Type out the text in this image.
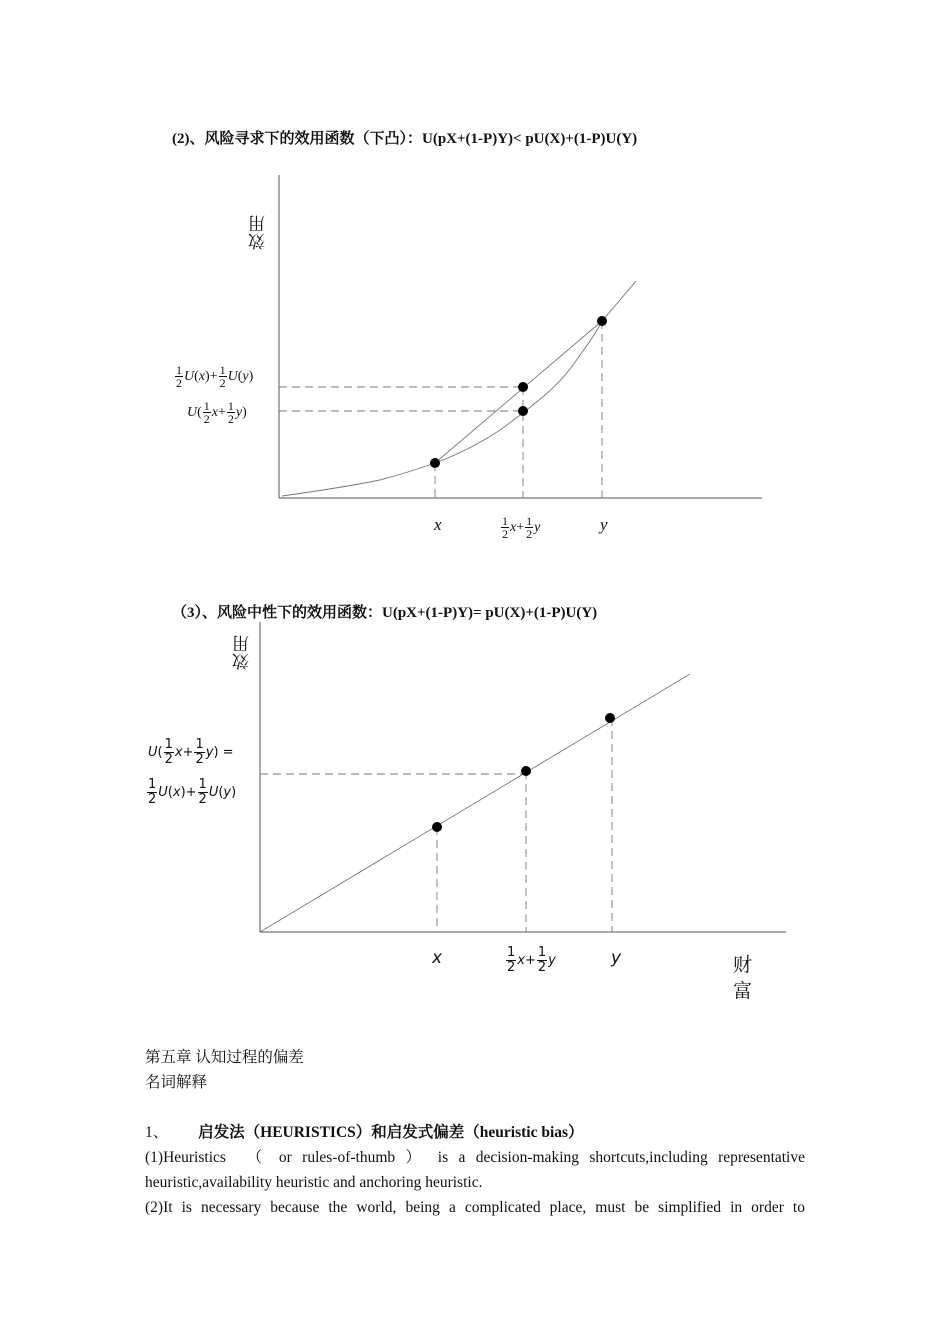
(2)、风险寻求下的效用函数（下凸）：U(pX+(1-P)Y)< pU(X)+(1-P)U(Y)
效用
$\frac{1}{2}$ U ( x )+ $\frac{1}{2}$ U ( y )
U ( $\frac{1}{2}$ $x + \frac{1}{2}$ y )
x	$\frac{1}{2}$ $x + \frac{1}{2}$ y	y
（3）、风险中性下的效用函数：U(pX+(1-P)Y)= pU(X)+(1-P)U(Y)
效用
U ( $\frac{1}{2}$ $x + \frac{1}{2}$ y ) =
$\frac{1}{2}$ U ( x )+ $\frac{1}{2}$ U ( y )
x	$\frac{1}{2}$ $x + \frac{1}{2}$ y	y	财富
第五章 认知过程的偏差
名词解释
1、 启发法（HEURISTICS）和启发式偏差（heuristic bias）
(1)Heuristics　（ or rules-of-thumb ） is a decision-making shortcuts,including representative
heuristic,availability heuristic and anchoring heuristic.
(2)It is necessary because the world, being a complicated place, must be simplified in order to
